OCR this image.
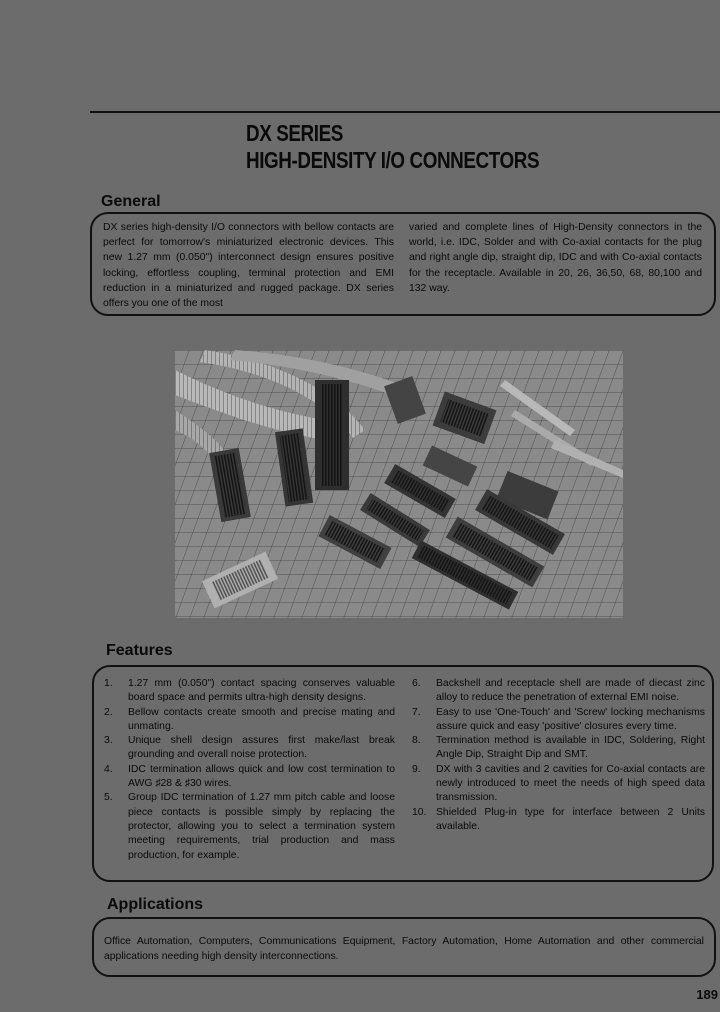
DX SERIES
HIGH-DENSITY I/O CONNECTORS
General
DX series high-density I/O connectors with bellow contacts are perfect for tomorrow's miniaturized electronic devices. This new 1.27 mm (0.050") interconnect design ensures positive locking, effortless coupling, terminal protection and EMI reduction in a miniaturized and rugged package. DX series offers you one of the most
varied and complete lines of High-Density connectors in the world, i.e. IDC, Solder and with Co-axial contacts for the plug and right angle dip, straight dip, IDC and with Co-axial contacts for the receptacle. Available in 20, 26, 36,50, 68, 80,100 and 132 way.
Features
1. 1.27 mm (0.050") contact spacing conserves valuable board space and permits ultra-high density designs.
2. Bellow contacts create smooth and precise mating and unmating.
3. Unique shell design assures first make/last break grounding and overall noise protection.
4. IDC termination allows quick and low cost termination to AWG ♯28 & ♯30 wires.
5. Group IDC termination of 1.27 mm pitch cable and loose piece contacts is possible simply by replacing the protector, allowing you to select a termination system meeting requirements, trial production and mass production, for example.
6. Backshell and receptacle shell are made of diecast zinc alloy to reduce the penetration of external EMI noise.
7. Easy to use 'One-Touch' and 'Screw' locking mechanisms assure quick and easy 'positive' closures every time.
8. Termination method is available in IDC, Soldering, Right Angle Dip, Straight Dip and SMT.
9. DX with 3 cavities and 2 cavities for Co-axial contacts are newly introduced to meet the needs of high speed data transmission.
10. Shielded Plug-in type for interface between 2 Units available.
Applications
Office Automation, Computers, Communications Equipment, Factory Automation, Home Automation and other commercial applications needing high density interconnections.
189
